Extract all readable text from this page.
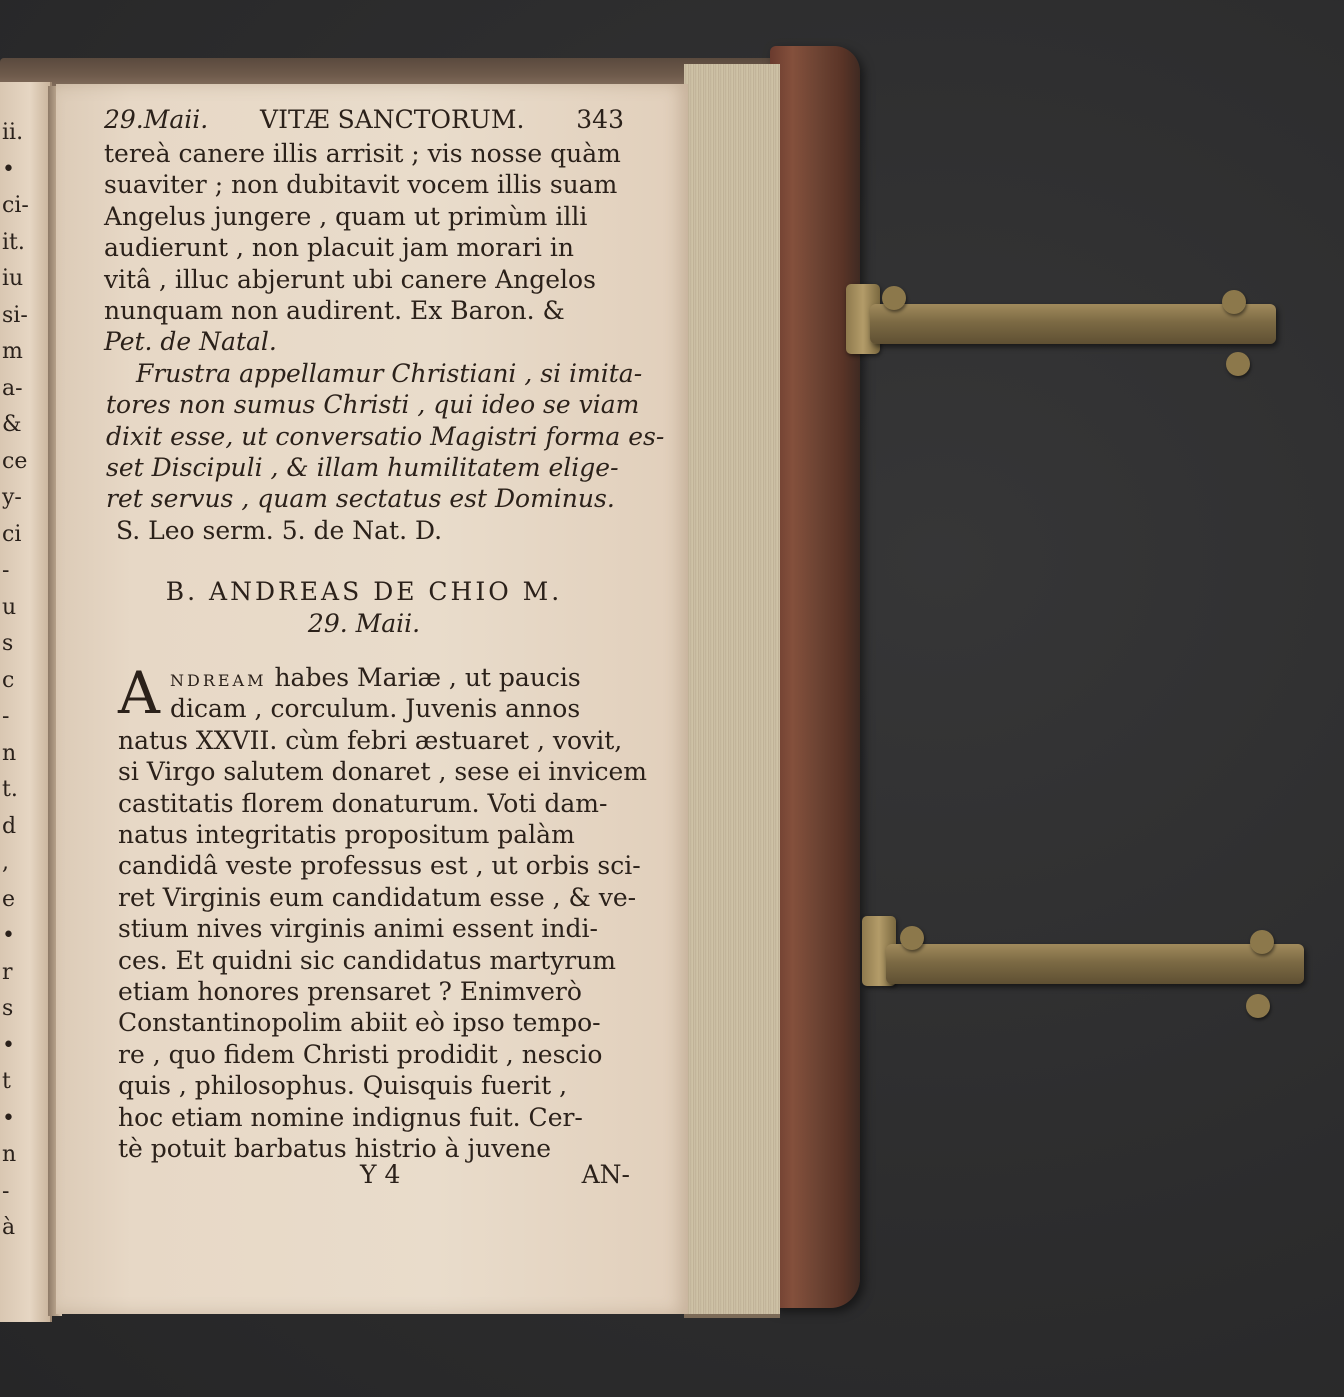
ii.
•
ci-
it.
iu
si-
m
a-
&
ce
y-
ci
-
u
s
c
-
n
t.
d
,
e
•
r
s
•
t
•
n
-
à
29.Maii. VITÆ SANCTORUM. 343
tereà canere illis arrisit ; vis nosse quàm
suaviter ; non dubitavit vocem illis suam
Angelus jungere , quam ut primùm illi
audierunt , non placuit jam morari in
vitâ , illuc abjerunt ubi canere Angelos
nunquam non audirent. Ex Baron. &
Pet. de Natal.
Frustra appellamur Christiani , si imita-
tores non sumus Christi , qui ideo se viam
dixit esse, ut conversatio Magistri forma es-
set Discipuli , & illam humilitatem elige-
ret servus , quam sectatus est Dominus.
S. Leo serm. 5. de Nat. D.
B. ANDREAS DE CHIO M.
29. Maii.
A NDREAM habes Mariæ , ut paucis
dicam , corculum. Juvenis annos
natus XXVII. cùm febri æstuaret , vovit,
si Virgo salutem donaret , sese ei invicem
castitatis florem donaturum. Voti dam-
natus integritatis propositum palàm
candidâ veste professus est , ut orbis sci-
ret Virginis eum candidatum esse , & ve-
stium nives virginis animi essent indi-
ces. Et quidni sic candidatus martyrum
etiam honores prensaret ? Enimverò
Constantinopolim abiit eò ipso tempo-
re , quo fidem Christi prodidit , nescio
quis , philosophus. Quisquis fuerit ,
hoc etiam nomine indignus fuit. Cer-
tè potuit barbatus histrio à juvene
Y 4	AN-
